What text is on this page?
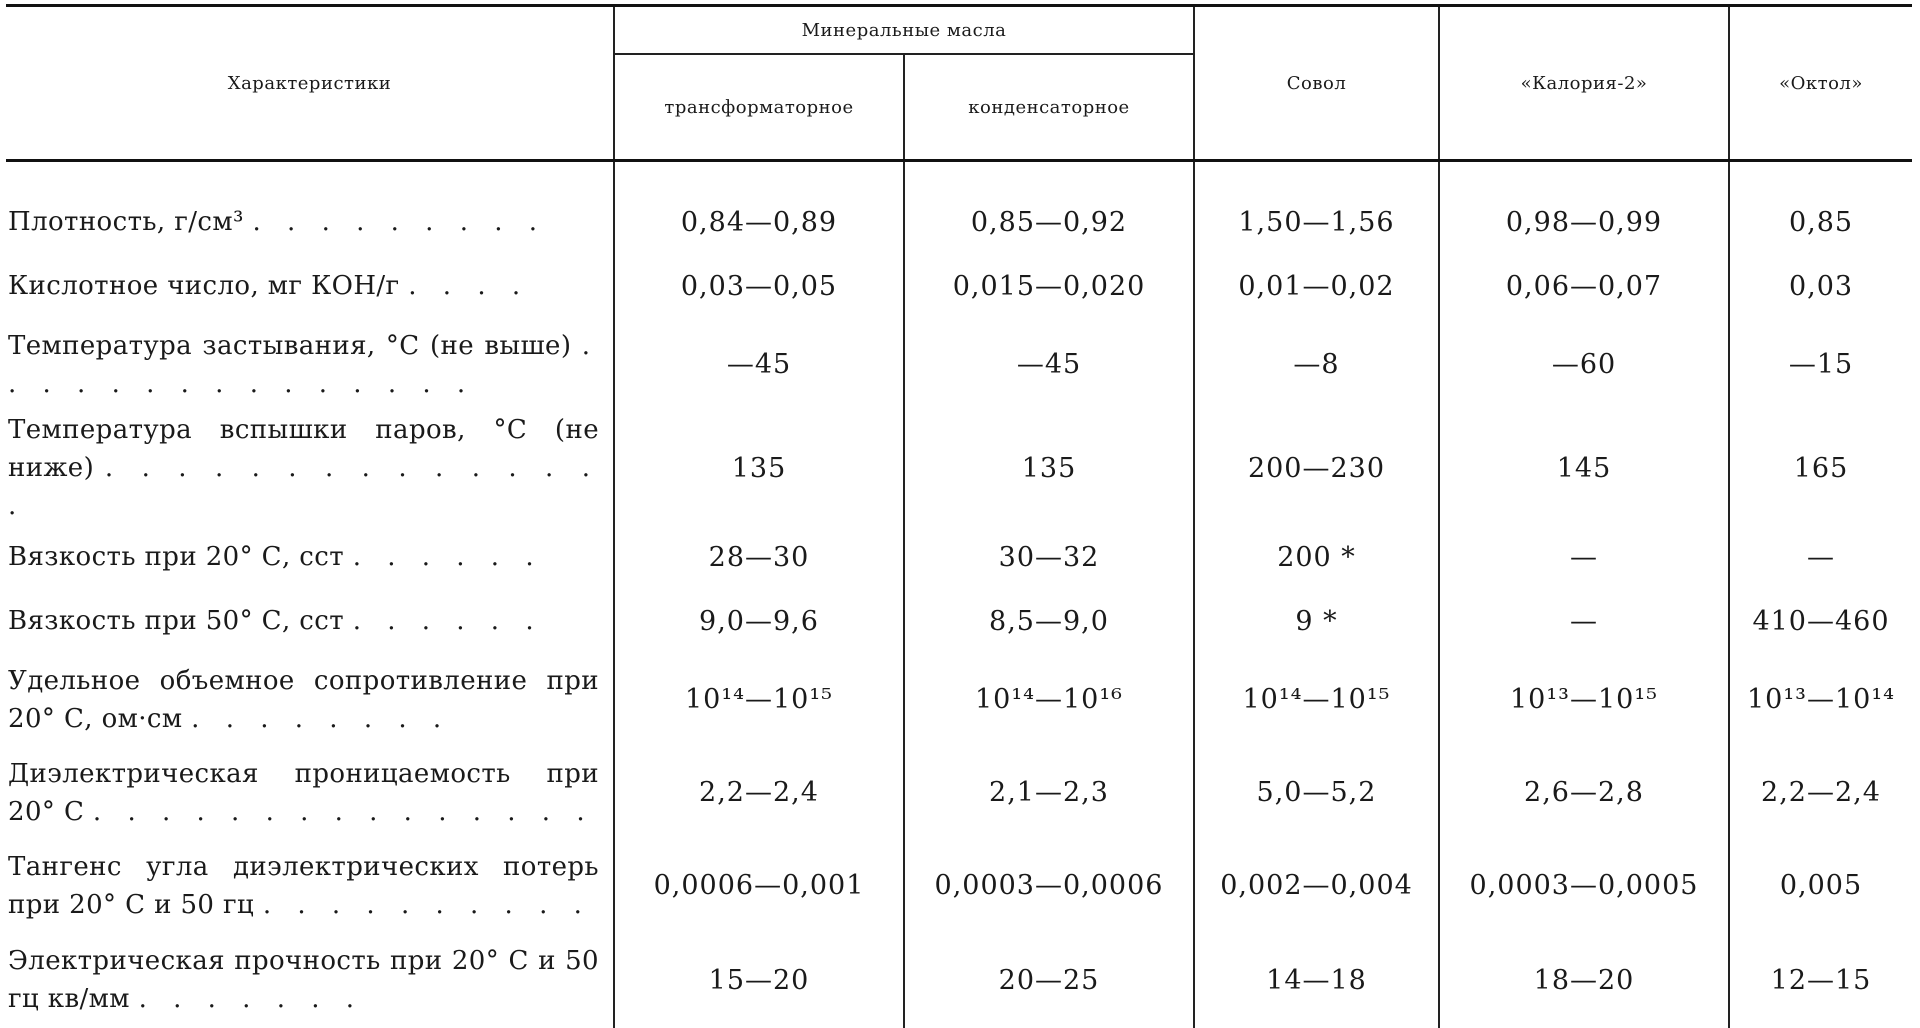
Характеристики	Минеральные масла		Совол	«Калория-2»	«Октол»
	трансформаторное	конденсаторное			
Плотность, г/см³ . . . . . . . . .	0,84—0,89	0,85—0,92	1,50—1,56	0,98—0,99	0,85
Кислотное число, мг КОН/г . . . .	0,03—0,05	0,015—0,020	0,01—0,02	0,06—0,07	0,03
Температура застывания, °С (не выше) . . . . . . . . . . . . . . .	—45	—45	—8	—60	—15
Температура вспышки паров, °С (не ниже) . . . . . . . . . . . . . . .	135	135	200—230	145	165
Вязкость при 20° С, сст . . . . . .	28—30	30—32	200 *	—	—
Вязкость при 50° С, сст . . . . . .	9,0—9,6	8,5—9,0	9 *	—	410—460
Удельное объемное сопротивление при 20° С, ом·см . . . . . . . .	10¹⁴—10¹⁵	10¹⁴—10¹⁶	10¹⁴—10¹⁵	10¹³—10¹⁵	10¹³—10¹⁴
Диэлектрическая проницаемость при 20° С . . . . . . . . . . . . . . .	2,2—2,4	2,1—2,3	5,0—5,2	2,6—2,8	2,2—2,4
Тангенс угла диэлектрических потерь при 20° С и 50 гц . . . . . . . . . .	0,0006—0,001	0,0003—0,0006	0,002—0,004	0,0003—0,0005	0,005
Электрическая прочность при 20° С и 50 гц кв/мм . . . . . . .	15—20	20—25	14—18	18—20	12—15
